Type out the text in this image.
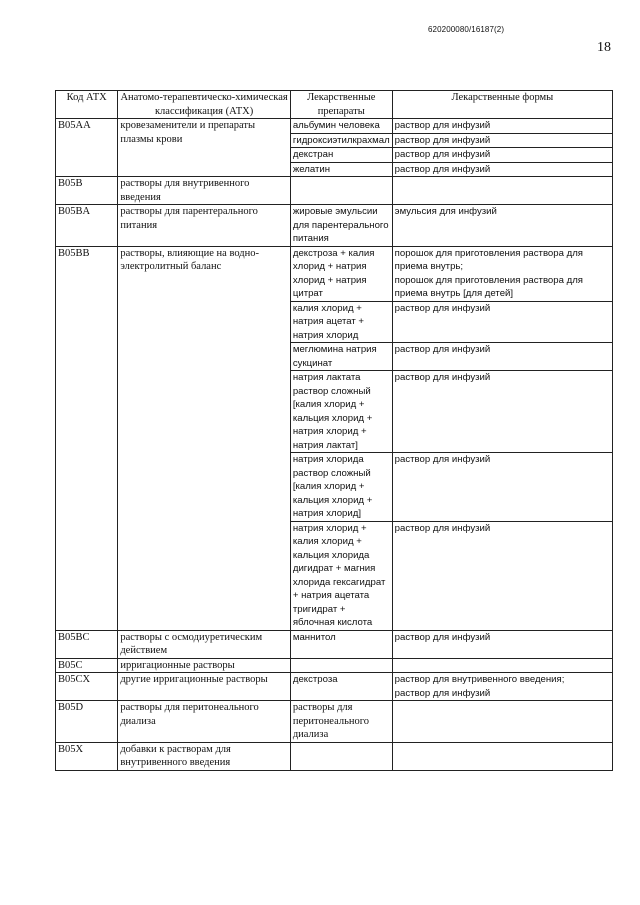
620200080/16187(2)
18
Код АТХ	Анатомо-терапевтическо-химическая классификация (АТХ)	Лекарственные препараты	Лекарственные формы
B05AA	кровезаменители и препараты плазмы крови	альбумин человека	раствор для инфузий
		гидроксиэтилкрахмал	раствор для инфузий
		декстран	раствор для инфузий
		желатин	раствор для инфузий
B05B	растворы для внутривенного введения		
B05BA	растворы для парентерального питания	жировые эмульсии для парентерального питания	эмульсия для инфузий
B05BB	растворы, влияющие на водно-электролитный баланс	декстроза + калия хлорид + натрия хлорид + натрия цитрат	порошок для приготовления раствора для приема внутрь;
порошок для приготовления раствора для приема внутрь [для детей]
		калия хлорид + натрия ацетат + натрия хлорид	раствор для инфузий
		меглюмина натрия сукцинат	раствор для инфузий
		натрия лактата раствор сложный [калия хлорид + кальция хлорид + натрия хлорид + натрия лактат]	раствор для инфузий
		натрия хлорида раствор сложный [калия хлорид + кальция хлорид + натрия хлорид]	раствор для инфузий
		натрия хлорид + калия хлорид + кальция хлорида дигидрат + магния хлорида гексагидрат + натрия ацетата тригидрат + яблочная кислота	раствор для инфузий
B05BC	растворы с осмодиуретическим действием	маннитол	раствор для инфузий
B05C	ирригационные растворы		
B05CX	другие ирригационные растворы	декстроза	раствор для внутривенного введения;
раствор для инфузий
B05D	растворы для перитонеального диализа	растворы для перитонеального диализа	
B05X	добавки к растворам для внутривенного введения		
